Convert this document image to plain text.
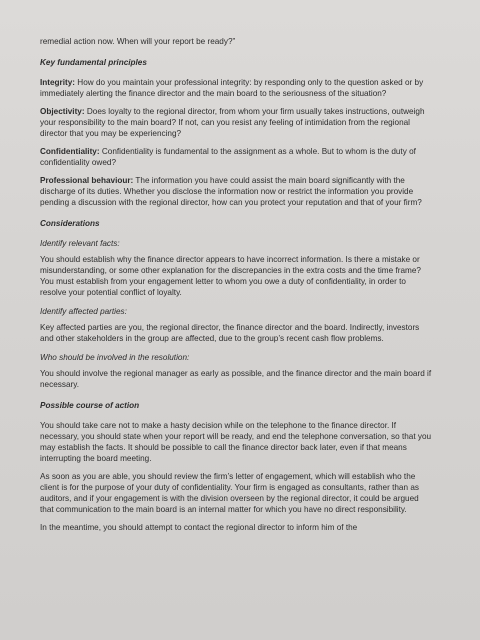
remedial action now. When will your report be ready?”

Key fundamental principles

Integrity: How do you maintain your professional integrity: by responding only to the question asked or by immediately alerting the finance director and the main board to the seriousness of the situation?

Objectivity: Does loyalty to the regional director, from whom your firm usually takes instructions, outweigh your responsibility to the main board? If not, can you resist any feeling of intimidation from the regional director that you may be experiencing?

Confidentiality: Confidentiality is fundamental to the assignment as a whole. But to whom is the duty of confidentiality owed?

Professional behaviour: The information you have could assist the main board significantly with the discharge of its duties. Whether you disclose the information now or restrict the information you provide pending a discussion with the regional director, how can you protect your reputation and that of your firm?

Considerations

Identify relevant facts:

You should establish why the finance director appears to have incorrect information. Is there a mistake or misunderstanding, or some other explanation for the discrepancies in the extra costs and the time frame? You must establish from your engagement letter to whom you owe a duty of confidentiality, in order to resolve your potential conflict of loyalty.

Identify affected parties:

Key affected parties are you, the regional director, the finance director and the board. Indirectly, investors and other stakeholders in the group are affected, due to the group’s recent cash flow problems.

Who should be involved in the resolution:

You should involve the regional manager as early as possible, and the finance director and the main board if necessary.

Possible course of action

You should take care not to make a hasty decision while on the telephone to the finance director. If necessary, you should state when your report will be ready, and end the telephone conversation, so that you may establish the facts. It should be possible to call the finance director back later, even if that means interrupting the board meeting.

As soon as you are able, you should review the firm’s letter of engagement, which will establish who the client is for the purpose of your duty of confidentiality. Your firm is engaged as consultants, rather than as auditors, and if your engagement is with the division overseen by the regional director, it could be argued that communication to the main board is an internal matter for which you have no direct responsibility.

In the meantime, you should attempt to contact the regional director to inform him of the
